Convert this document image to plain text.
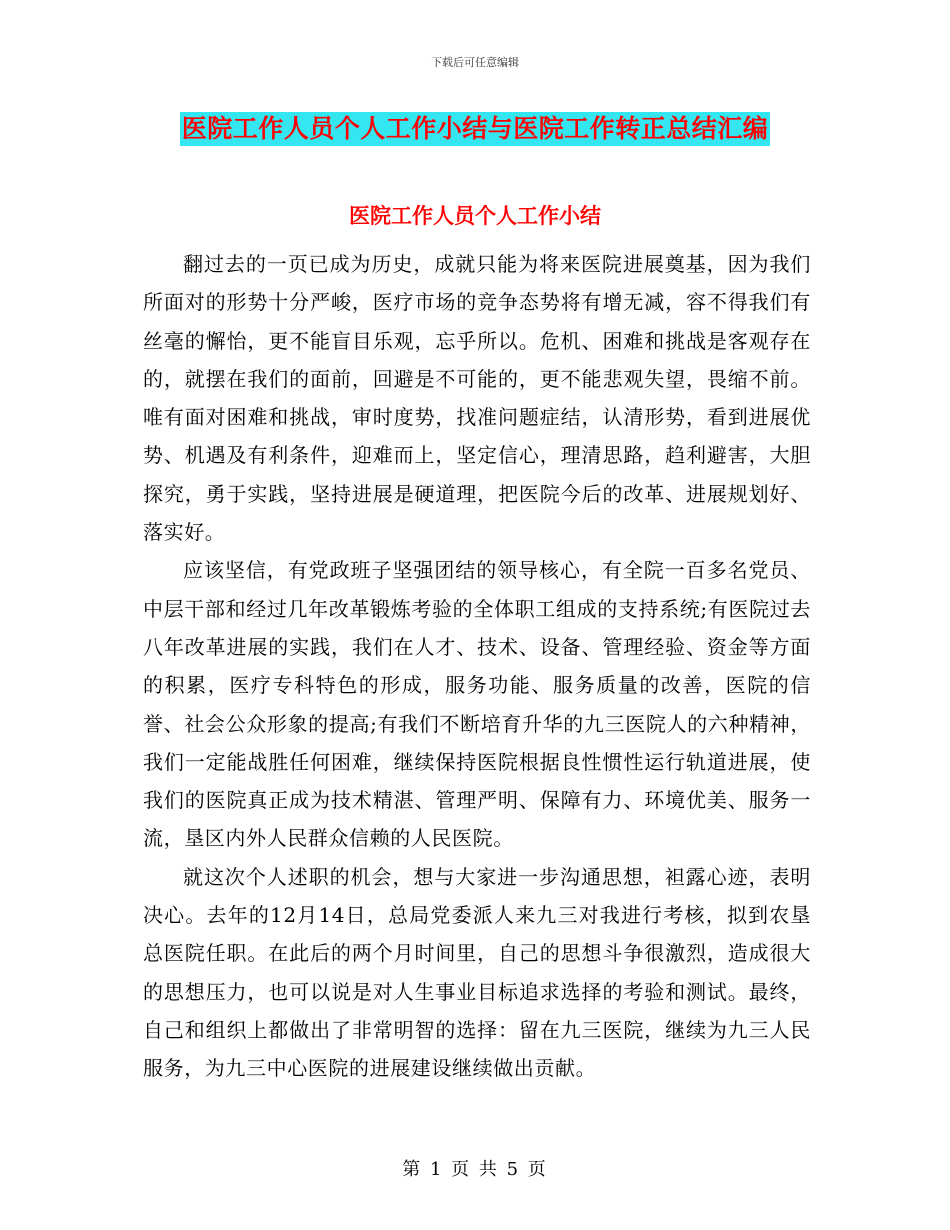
下载后可任意编辑
医院工作人员个人工作小结与医院工作转正总结汇编
医院工作人员个人工作小结

翻过去的一页已成为历史，成就只能为将来医院进展奠基，因为我们所面对的形势十分严峻，医疗市场的竞争态势将有增无减，容不得我们有丝毫的懈怡，更不能盲目乐观，忘乎所以。危机、困难和挑战是客观存在的，就摆在我们的面前，回避是不可能的，更不能悲观失望，畏缩不前。唯有面对困难和挑战，审时度势，找准问题症结，认清形势，看到进展优势、机遇及有利条件，迎难而上，坚定信心，理清思路，趋利避害，大胆探究，勇于实践，坚持进展是硬道理，把医院今后的改革、进展规划好、落实好。

应该坚信，有党政班子坚强团结的领导核心，有全院一百多名党员、中层干部和经过几年改革锻炼考验的全体职工组成的支持系统;有医院过去八年改革进展的实践，我们在人才、技术、设备、管理经验、资金等方面的积累，医疗专科特色的形成，服务功能、服务质量的改善，医院的信誉、社会公众形象的提高;有我们不断培育升华的九三医院人的六种精神，我们一定能战胜任何困难，继续保持医院根据良性惯性运行轨道进展，使我们的医院真正成为技术精湛、管理严明、保障有力、环境优美、服务一流，垦区内外人民群众信赖的人民医院。

就这次个人述职的机会，想与大家进一步沟通思想，袒露心迹，表明决心。去年的12月14日，总局党委派人来九三对我进行考核，拟到农垦总医院任职。在此后的两个月时间里，自己的思想斗争很激烈，造成很大的思想压力，也可以说是对人生事业目标追求选择的考验和测试。最终，自己和组织上都做出了非常明智的选择：留在九三医院，继续为九三人民服务，为九三中心医院的进展建设继续做出贡献。

第 1 页 共 5 页
